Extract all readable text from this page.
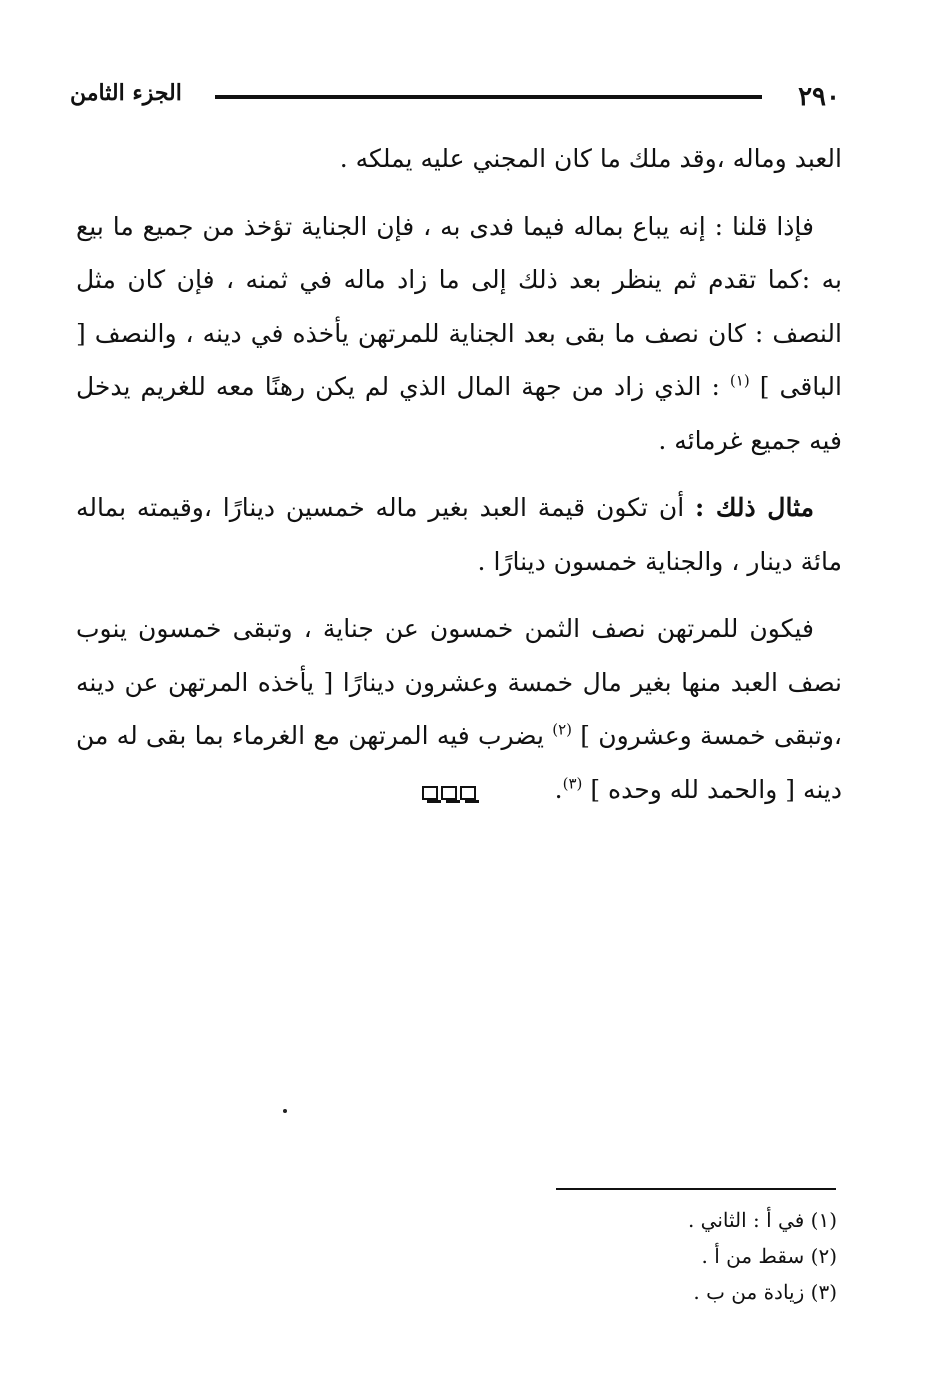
الجزء الثامن	٢٩٠

العبد وماله ،وقد ملك ما كان المجني عليه يملكه .

فإذا قلنا : إنه يباع بماله فيما فدى به ، فإن الجناية تؤخذ من جميع ما بيع به :كما تقدم ثم ينظر بعد ذلك إلى ما زاد ماله في ثمنه ، فإن كان مثل النصف : كان نصف ما بقى بعد الجناية للمرتهن يأخذه في دينه ، والنصف [ الباقى ] $^{(١)}$ : الذي زاد من جهة المال الذي لم يكن رهنًا معه للغريم يدخل فيه جميع غرمائه .

مثال ذلك : أن تكون قيمة العبد بغير ماله خمسين دينارًا ،وقيمته بماله مائة دينار ، والجناية خمسون دينارًا .

فيكون للمرتهن نصف الثمن خمسون عن جناية ، وتبقى خمسون ينوب نصف العبد منها بغير مال خمسة وعشرون دينارًا [ يأخذه المرتهن عن دينه ،وتبقى خمسة وعشرون ] $^{(٢)}$ يضرب فيه المرتهن مع الغرماء بما بقى له من دينه [ والحمد لله وحده ] $^{(٣)}$.

(١) في أ : الثاني .
(٢) سقط من أ .
(٣) زيادة من ب .
